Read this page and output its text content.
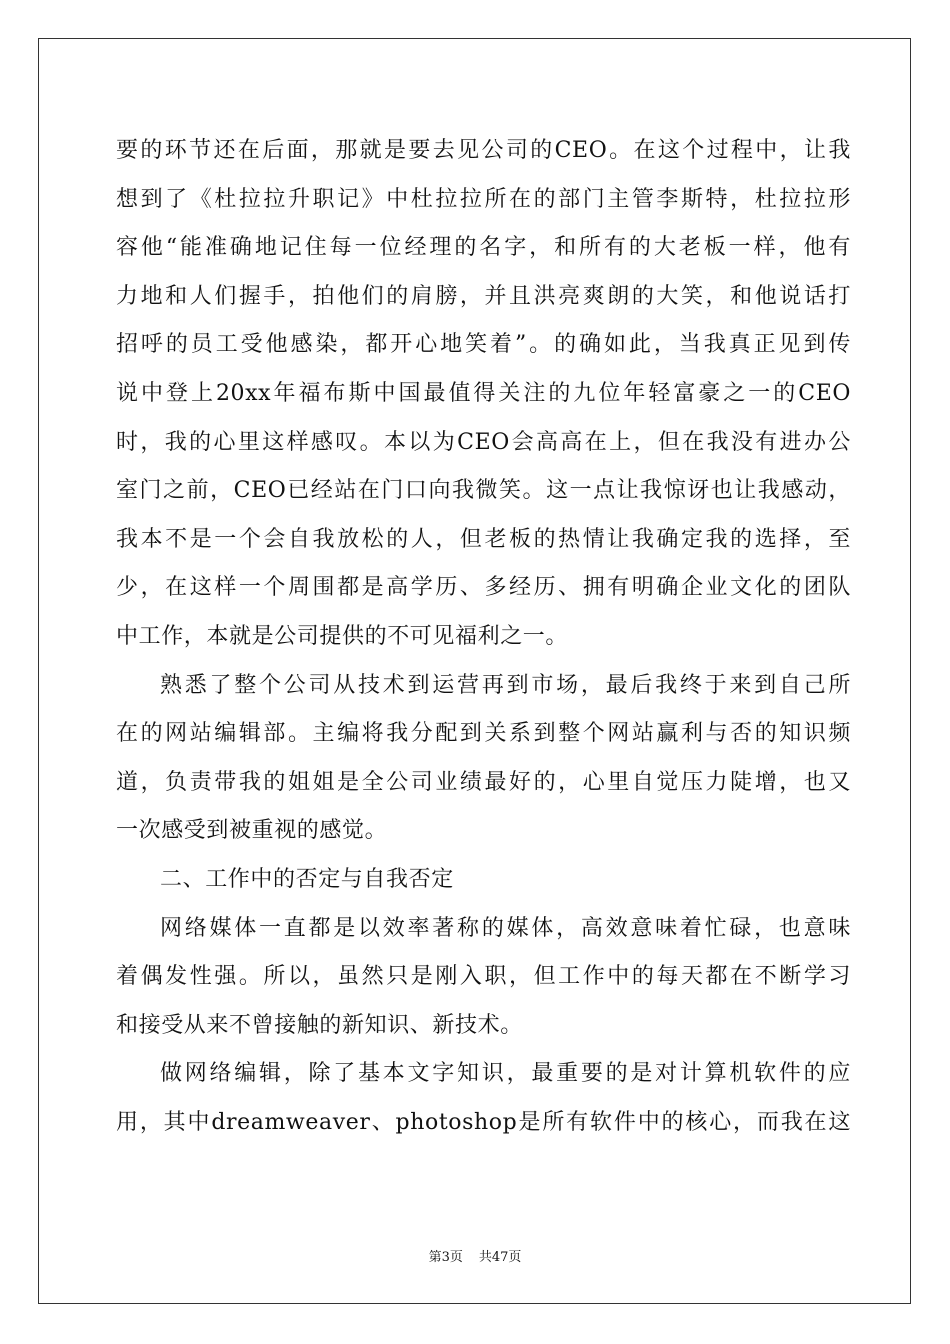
要的环节还在后面，那就是要去见公司的CEO。在这个过程中，让我
想到了《杜拉拉升职记》中杜拉拉所在的部门主管李斯特，杜拉拉形
容他“能准确地记住每一位经理的名字，和所有的大老板一样，他有
力地和人们握手，拍他们的肩膀，并且洪亮爽朗的大笑，和他说话打
招呼的员工受他感染，都开心地笑着”。的确如此，当我真正见到传
说中登上20xx年福布斯中国最值得关注的九位年轻富豪之一的CEO
时，我的心里这样感叹。本以为CEO会高高在上，但在我没有进办公
室门之前，CEO已经站在门口向我微笑。这一点让我惊讶也让我感动，
我本不是一个会自我放松的人，但老板的热情让我确定我的选择，至
少，在这样一个周围都是高学历、多经历、拥有明确企业文化的团队
中工作，本就是公司提供的不可见福利之一。
熟悉了整个公司从技术到运营再到市场，最后我终于来到自己所
在的网站编辑部。主编将我分配到关系到整个网站赢利与否的知识频
道，负责带我的姐姐是全公司业绩最好的，心里自觉压力陡增，也又
一次感受到被重视的感觉。
二、工作中的否定与自我否定
网络媒体一直都是以效率著称的媒体，高效意味着忙碌，也意味
着偶发性强。所以，虽然只是刚入职，但工作中的每天都在不断学习
和接受从来不曾接触的新知识、新技术。
做网络编辑，除了基本文字知识，最重要的是对计算机软件的应
用，其中dreamweaver、photoshop是所有软件中的核心，而我在这
第3页 共47页
